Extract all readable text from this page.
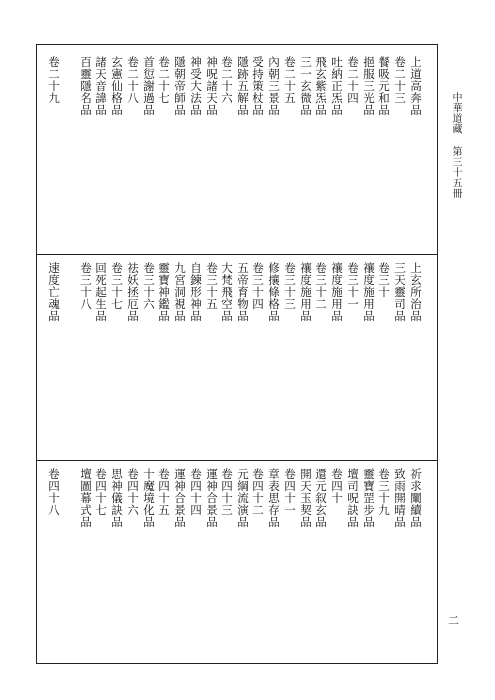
中華道藏第三十五冊
二
上道高奔品
卷二十三
餐吸元和品
挹服三光品
卷二十四
吐納正炁品
飛玄紫炁品
三一玄微品
卷二十五
內朝三景品
受持策杖品
隱跡五解品
卷二十六
神呪諸天品
神受大法品
隱朝帝師品
卷二十七
首愆謝過品
卷二十八
玄憲仙格品
諸天音諱品
百靈隱名品
卷二十九
上玄所治品
三天靈司品
卷三十
禳度施用品
卷三十一
禳度施用品
卷三十二
禳度施用品
卷三十三
修攘條格品
卷三十四
五帝育物品
大梵飛空品
卷三十五
自鍊形神品
九宮洞視品
靈寶神鑑品
卷三十六
祛妖拯厄品
卷三十七
回死起生品
卷三十八
速度亡魂品
祈求闡續品
致雨開晴品
卷三十九
靈寶罡步品
壇司呪訣品
卷四十
還元叙玄品
開天玉契品
卷四十一
章表思存品
卷四十二
元綱流演品
卷四十三
運神合景品
卷四十四
運神合景品
卷四十五
十魔境化品
卷四十六
思神儀訣品
卷四十七
壇圖幕式品
卷四十八
